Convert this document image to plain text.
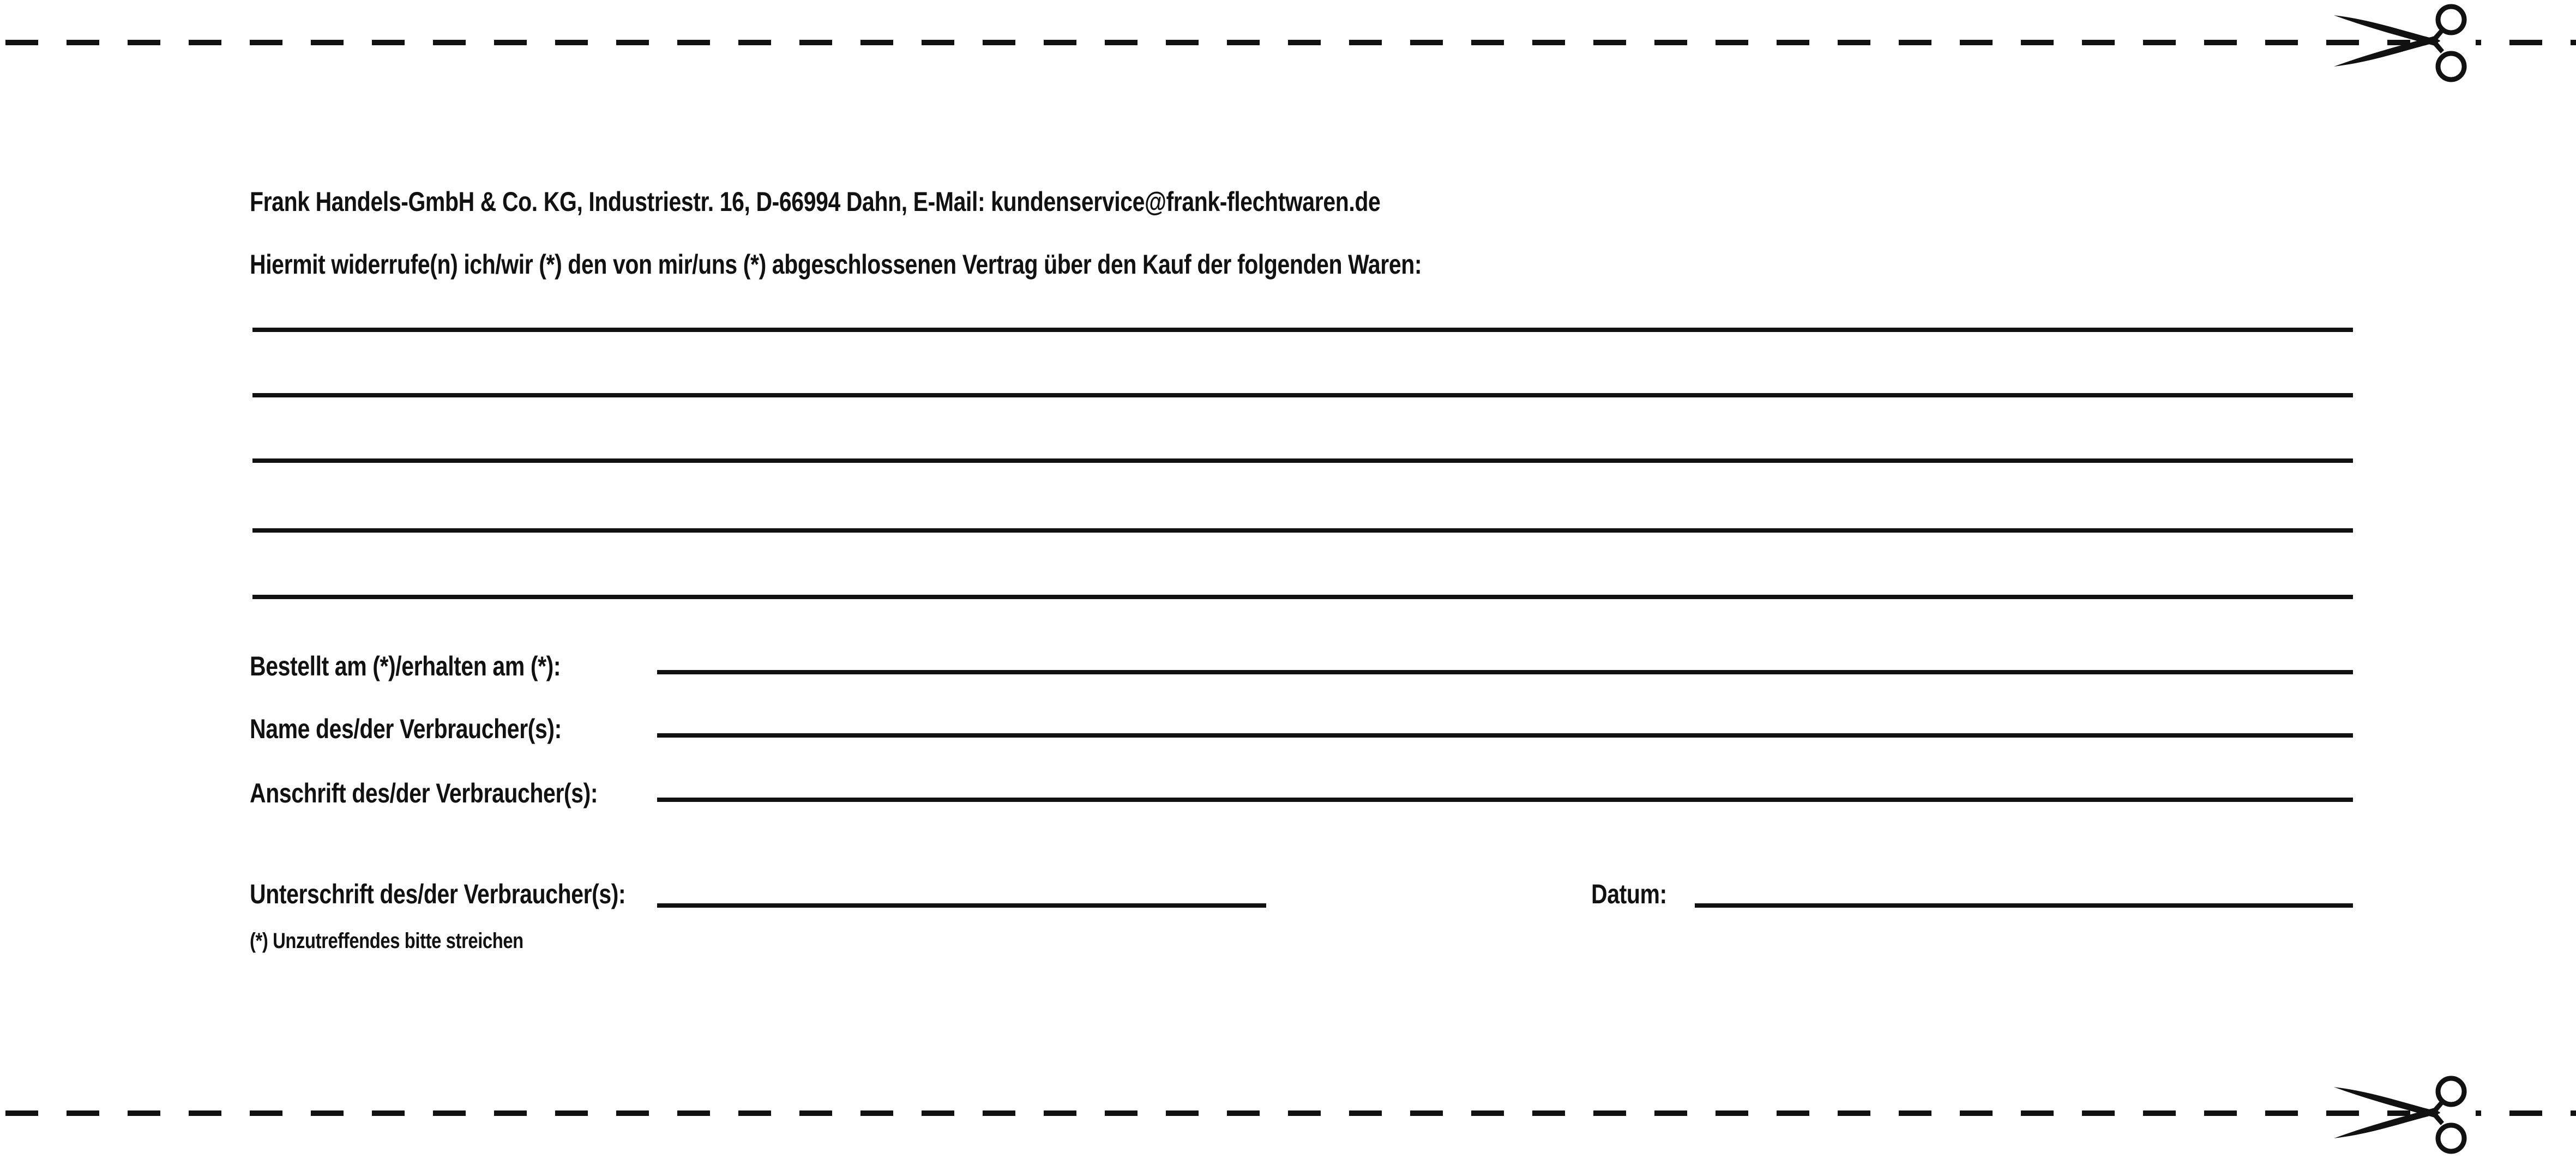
Frank Handels-GmbH & Co. KG, Industriestr. 16, D-66994 Dahn, E-Mail: kundenservice@frank-flechtwaren.de
Hiermit widerrufe(n) ich/wir (*) den von mir/uns (*) abgeschlossenen Vertrag über den Kauf der folgenden Waren:
Bestellt am (*)/erhalten am (*):
Name des/der Verbraucher(s):
Anschrift des/der Verbraucher(s):
Unterschrift des/der Verbraucher(s):	Datum:
(*) Unzutreffendes bitte streichen
